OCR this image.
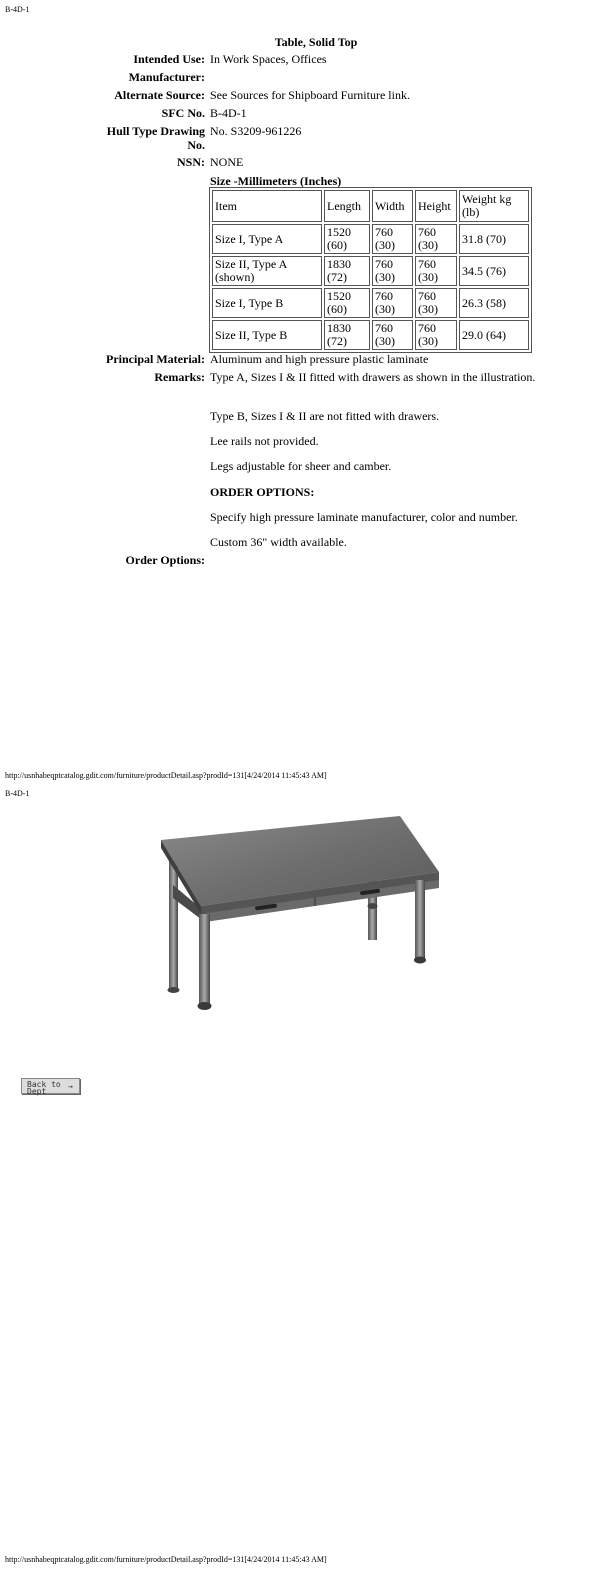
B-4D-1
Table, Solid Top
Intended Use: In Work Spaces, Offices
Manufacturer:
Alternate Source: See Sources for Shipboard Furniture link.
SFC No. B-4D-1
Hull Type Drawing
No.
No. S3209-961226
NSN: NONE
Size -Millimeters (Inches)
Item	Length	Width	Height	Weight kg (lb)
Size I, Type A	1520 (60)	760 (30)	760 (30)	31.8 (70)
Size II, Type A (shown)	1830 (72)	760 (30)	760 (30)	34.5 (76)
Size I, Type B	1520 (60)	760 (30)	760 (30)	26.3 (58)
Size II, Type B	1830 (72)	760 (30)	760 (30)	29.0 (64)
Principal Material: Aluminum and high pressure plastic laminate
Remarks: Type A, Sizes I & II fitted with drawers as shown in the illustration.
Type B, Sizes I & II are not fitted with drawers.
Lee rails not provided.
Legs adjustable for sheer and camber.
ORDER OPTIONS:
Specify high pressure laminate manufacturer, color and number.
Custom 36" width available.
Order Options:
http://usnhabeqptcatalog.gdit.com/furniture/productDetail.asp?prodId=131[4/24/2014 11:45:43 AM]
B-4D-1
Back to
Dept
→
http://usnhabeqptcatalog.gdit.com/furniture/productDetail.asp?prodId=131[4/24/2014 11:45:43 AM]
